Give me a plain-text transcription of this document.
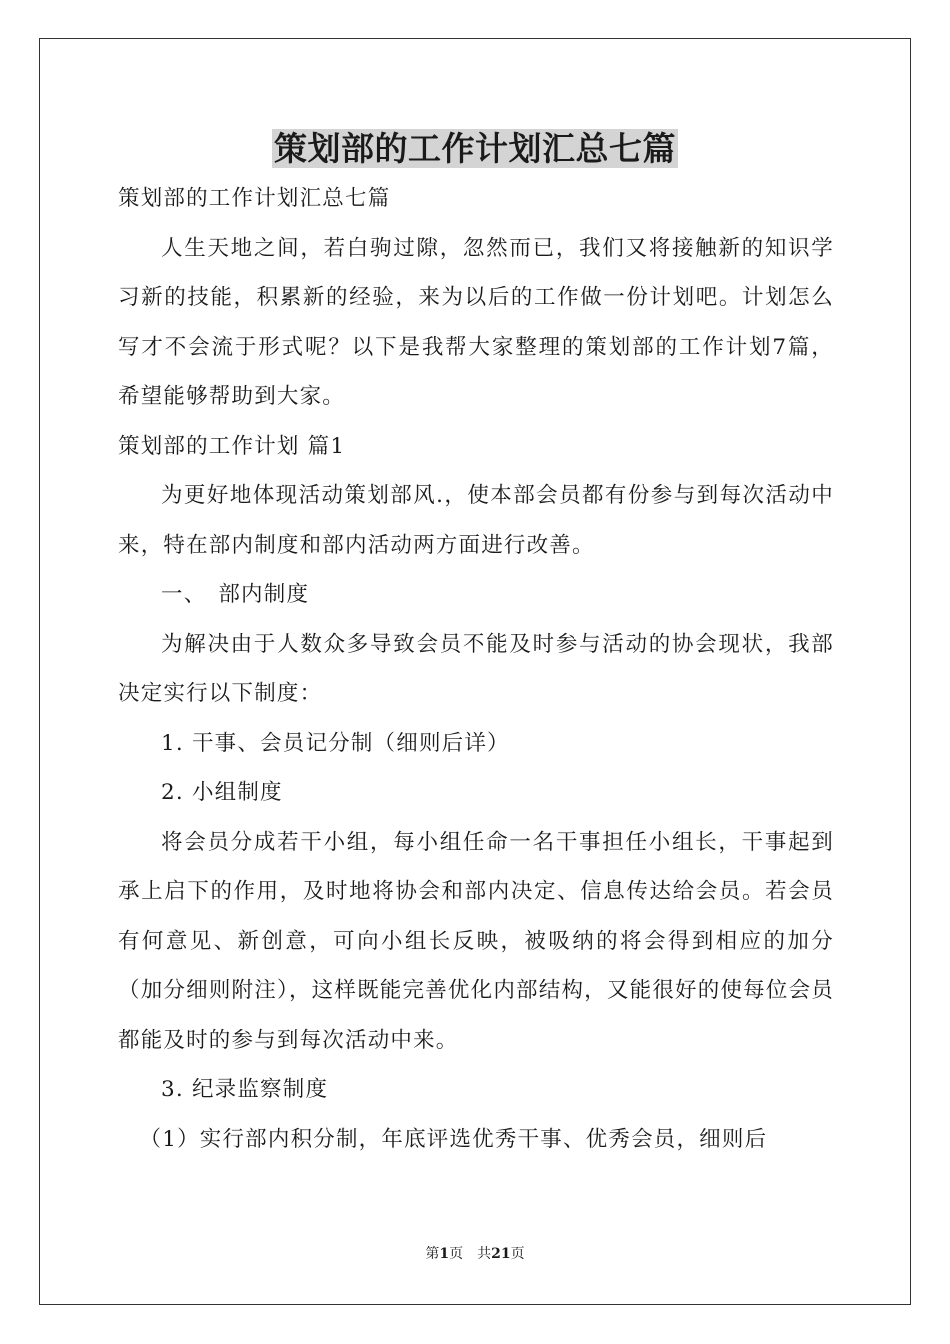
策划部的工作计划汇总七篇

策划部的工作计划汇总七篇

人生天地之间，若白驹过隙，忽然而已，我们又将接触新的知识学习新的技能，积累新的经验，来为以后的工作做一份计划吧。计划怎么写才不会流于形式呢？以下是我帮大家整理的策划部的工作计划7篇，希望能够帮助到大家。

策划部的工作计划 篇1

为更好地体现活动策划部风.，使本部会员都有份参与到每次活动中来，特在部内制度和部内活动两方面进行改善。

一、　部内制度

为解决由于人数众多导致会员不能及时参与活动的协会现状，我部决定实行以下制度：

1. 干事、会员记分制（细则后详）

2. 小组制度

将会员分成若干小组，每小组任命一名干事担任小组长，干事起到承上启下的作用，及时地将协会和部内决定、信息传达给会员。若会员有何意见、新创意，可向小组长反映，被吸纳的将会得到相应的加分（加分细则附注），这样既能完善优化内部结构，又能很好的使每位会员都能及时的参与到每次活动中来。

3. 纪录监察制度

（1）实行部内积分制，年底评选优秀干事、优秀会员，细则后

第1页　共21页
